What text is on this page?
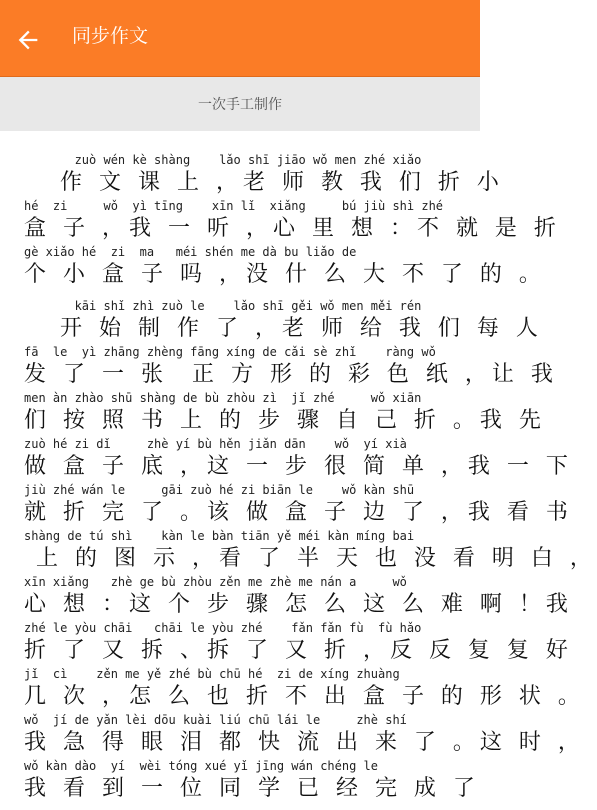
同步作文
一次手工制作
zuò wén kè shàng    lǎo shī jiāo wǒ men zhé xiǎo
作 文 课 上 ，老 师 教 我 们 折 小
hé  zi     wǒ  yì tīng    xīn lǐ  xiǎng     bú jiù shì zhé
盒 子 ，我 一 听 ，心 里 想 ：不 就 是 折
gè xiǎo hé  zi  ma   méi shén me dà bu liǎo de
个 小 盒 子 吗 ，没 什 么 大 不 了 的 。
kāi shǐ zhì zuò le    lǎo shī gěi wǒ men měi rén
开 始 制 作 了 ，老 师 给 我 们 每 人
fā  le  yì zhāng zhèng fāng xíng de cǎi sè zhǐ    ràng wǒ
发 了 一 张  正 方 形 的 彩 色 纸 ，让 我
men àn zhào shū shàng de bù zhòu zì  jǐ zhé     wǒ xiān
们 按 照 书 上 的 步 骤 自 己 折 。我 先
zuò hé zi dǐ     zhè yí bù hěn jiǎn dān    wǒ  yí xià
做 盒 子 底 ，这 一 步 很 简 单 ，我 一 下
jiù zhé wán le     gāi zuò hé zi biān le    wǒ kàn shū
就 折 完 了 。该 做 盒 子 边 了 ，我 看 书
shàng de tú shì    kàn le bàn tiān yě méi kàn míng bai
上 的 图 示 ，看 了 半 天 也 没 看 明 白 ，
xīn xiǎng   zhè ge bù zhòu zěn me zhè me nán a     wǒ
心 想 ：这 个 步 骤 怎 么 这 么 难 啊 ！我
zhé le yòu chāi   chāi le yòu zhé    fǎn fǎn fù  fù hǎo
折 了 又 拆 、拆 了 又 折 ，反 反 复 复 好
jǐ  cì    zěn me yě zhé bù chū hé  zi de xíng zhuàng
几 次 ，怎 么 也 折 不 出 盒 子 的 形 状 。
wǒ  jí de yǎn lèi dōu kuài liú chū lái le     zhè shí
我 急 得 眼 泪 都 快 流 出 来 了 。这 时 ，
wǒ kàn dào  yí  wèi tóng xué yǐ jīng wán chéng le
我 看 到 一 位 同 学 已 经 完 成 了
